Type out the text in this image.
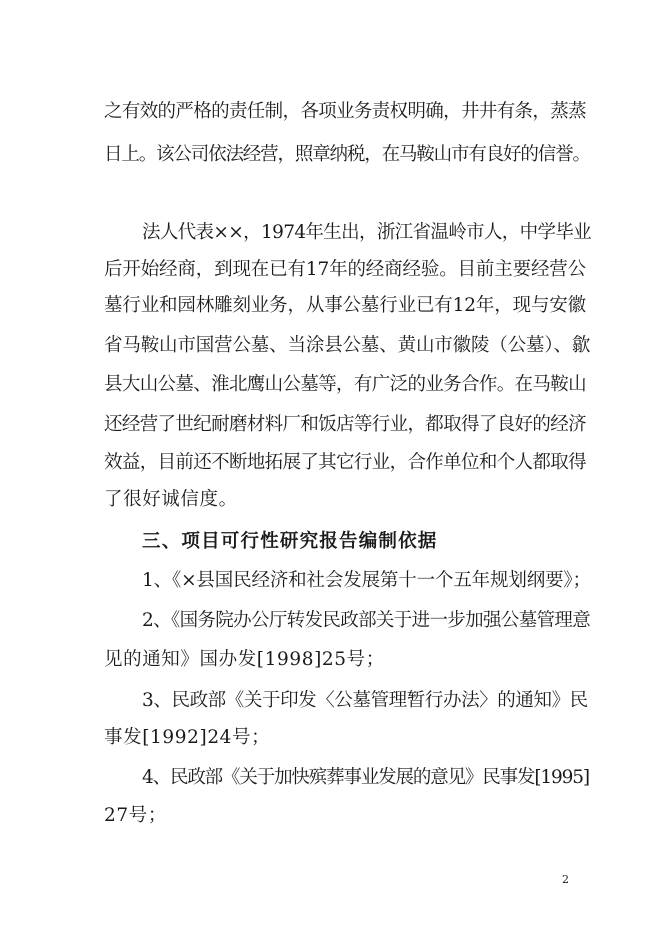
之有效的严格的责任制，各项业务责权明确，井井有条，蒸蒸
日上。该公司依法经营，照章纳税，在马鞍山市有良好的信誉。
法人代表××，1974年生出，浙江省温岭市人，中学毕业
后开始经商，到现在已有17年的经商经验。目前主要经营公
墓行业和园林雕刻业务，从事公墓行业已有12年，现与安徽
省马鞍山市国营公墓、当涂县公墓、黄山市徽陵（公墓）、歙
县大山公墓、淮北鹰山公墓等，有广泛的业务合作。在马鞍山
还经营了世纪耐磨材料厂和饭店等行业，都取得了良好的经济
效益，目前还不断地拓展了其它行业，合作单位和个人都取得
了很好诚信度。
三、项目可行性研究报告编制依据
1、《×县国民经济和社会发展第十一个五年规划纲要》；
2、《国务院办公厅转发民政部关于进一步加强公墓管理意
见的通知》国办发[1998]25号；
3、民政部《关于印发〈公墓管理暂行办法〉的通知》民
事发[1992]24号；
4、民政部《关于加快殡葬事业发展的意见》民事发[1995]
27号；
2
